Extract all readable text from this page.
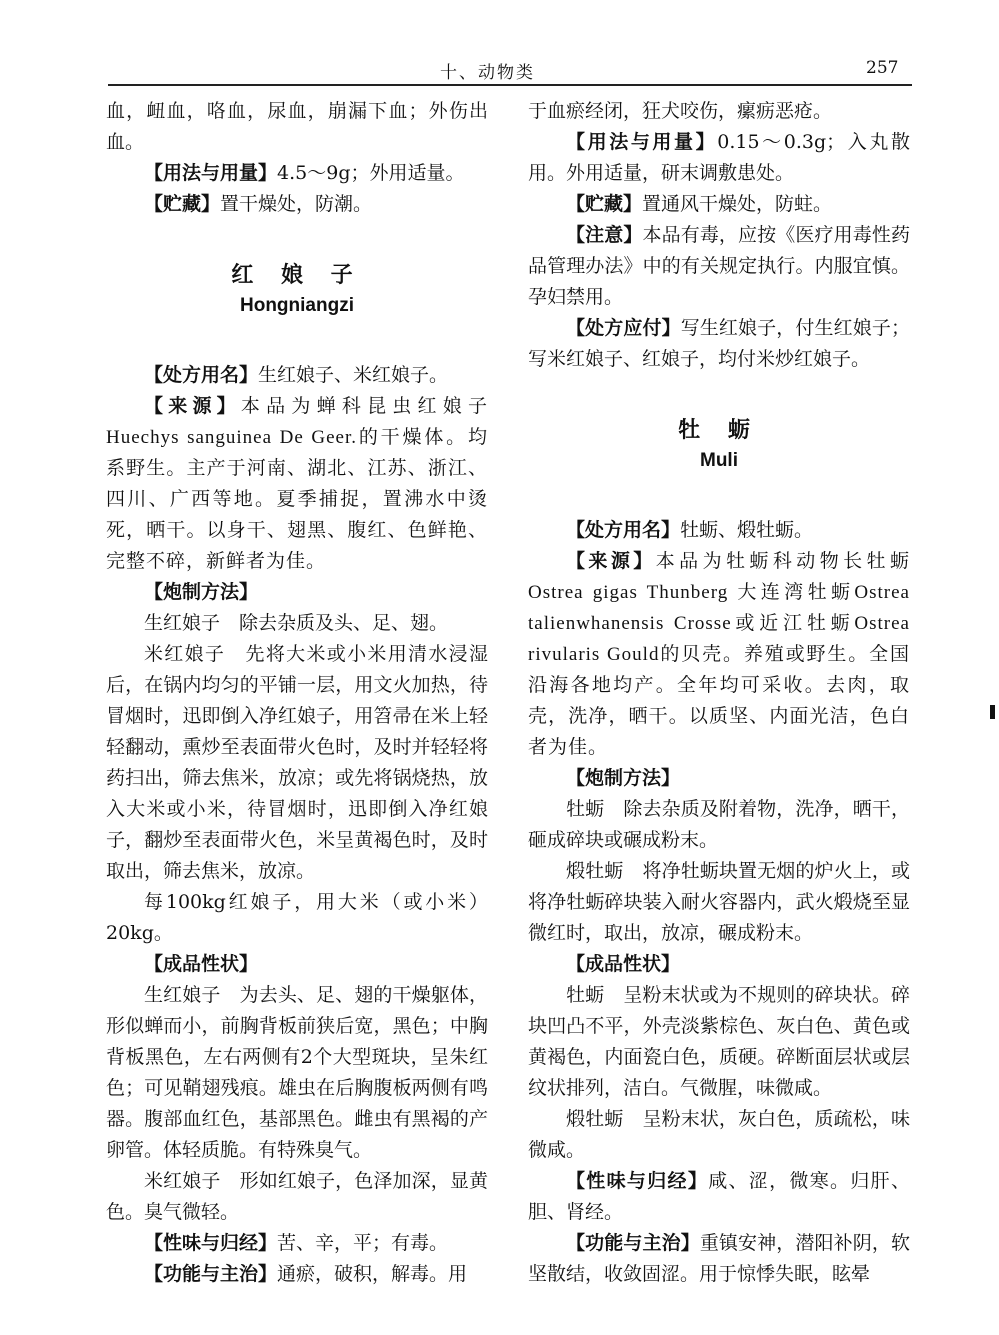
十、动物类	257

血，衄血，咯血，尿血，崩漏下血；外伤出血。

【用法与用量】4.5～9g；外用适量。

【贮藏】置干燥处，防潮。

红 娘 子
Hongniangzi

【处方用名】生红娘子、米红娘子。

【来源】本品为蝉科昆虫红娘子Huechys sanguinea De Geer.的干燥体。均系野生。主产于河南、湖北、江苏、浙江、四川、广西等地。夏季捕捉，置沸水中烫死，晒干。以身干、翅黑、腹红、色鲜艳、完整不碎，新鲜者为佳。

【炮制方法】

生红娘子　除去杂质及头、足、翅。

米红娘子　先将大米或小米用清水浸湿后，在锅内均匀的平铺一层，用文火加热，待冒烟时，迅即倒入净红娘子，用笤帚在米上轻轻翻动，熏炒至表面带火色时，及时并轻轻将药扫出，筛去焦米，放凉；或先将锅烧热，放入大米或小米，待冒烟时，迅即倒入净红娘子，翻炒至表面带火色，米呈黄褐色时，及时取出，筛去焦米，放凉。

每100kg红娘子，用大米（或小米）20kg。

【成品性状】

生红娘子　为去头、足、翅的干燥躯体，形似蝉而小，前胸背板前狭后宽，黑色；中胸背板黑色，左右两侧有2个大型斑块，呈朱红色；可见鞘翅残痕。雄虫在后胸腹板两侧有鸣器。腹部血红色，基部黑色。雌虫有黑褐的产卵管。体轻质脆。有特殊臭气。

米红娘子　形如红娘子，色泽加深，显黄色。臭气微轻。

【性味与归经】苦、辛，平；有毒。

【功能与主治】通瘀，破积，解毒。用

于血瘀经闭，狂犬咬伤，瘰疬恶疮。

【用法与用量】0.15～0.3g；入丸散用。外用适量，研末调敷患处。

【贮藏】置通风干燥处，防蛀。

【注意】本品有毒，应按《医疗用毒性药品管理办法》中的有关规定执行。内服宜慎。孕妇禁用。

【处方应付】写生红娘子，付生红娘子；写米红娘子、红娘子，均付米炒红娘子。

牡 蛎
Muli

【处方用名】牡蛎、煅牡蛎。

【来源】本品为牡蛎科动物长牡蛎Ostrea gigas Thunberg 大连湾牡蛎Ostrea talienwhanensis Crosse或近江牡蛎Ostrea rivularis Gould的贝壳。养殖或野生。全国沿海各地均产。全年均可采收。去肉，取壳，洗净，晒干。以质坚、内面光洁，色白者为佳。

【炮制方法】

牡蛎　除去杂质及附着物，洗净，晒干，砸成碎块或碾成粉末。

煅牡蛎　将净牡蛎块置无烟的炉火上，或将净牡蛎碎块装入耐火容器内，武火煅烧至显微红时，取出，放凉，碾成粉末。

【成品性状】

牡蛎　呈粉末状或为不规则的碎块状。碎块凹凸不平，外壳淡紫棕色、灰白色、黄色或黄褐色，内面瓷白色，质硬。碎断面层状或层纹状排列，洁白。气微腥，味微咸。

煅牡蛎　呈粉末状，灰白色，质疏松，味微咸。

【性味与归经】咸、涩，微寒。归肝、胆、肾经。

【功能与主治】重镇安神，潜阳补阴，软坚散结，收敛固涩。用于惊悸失眠，眩晕
